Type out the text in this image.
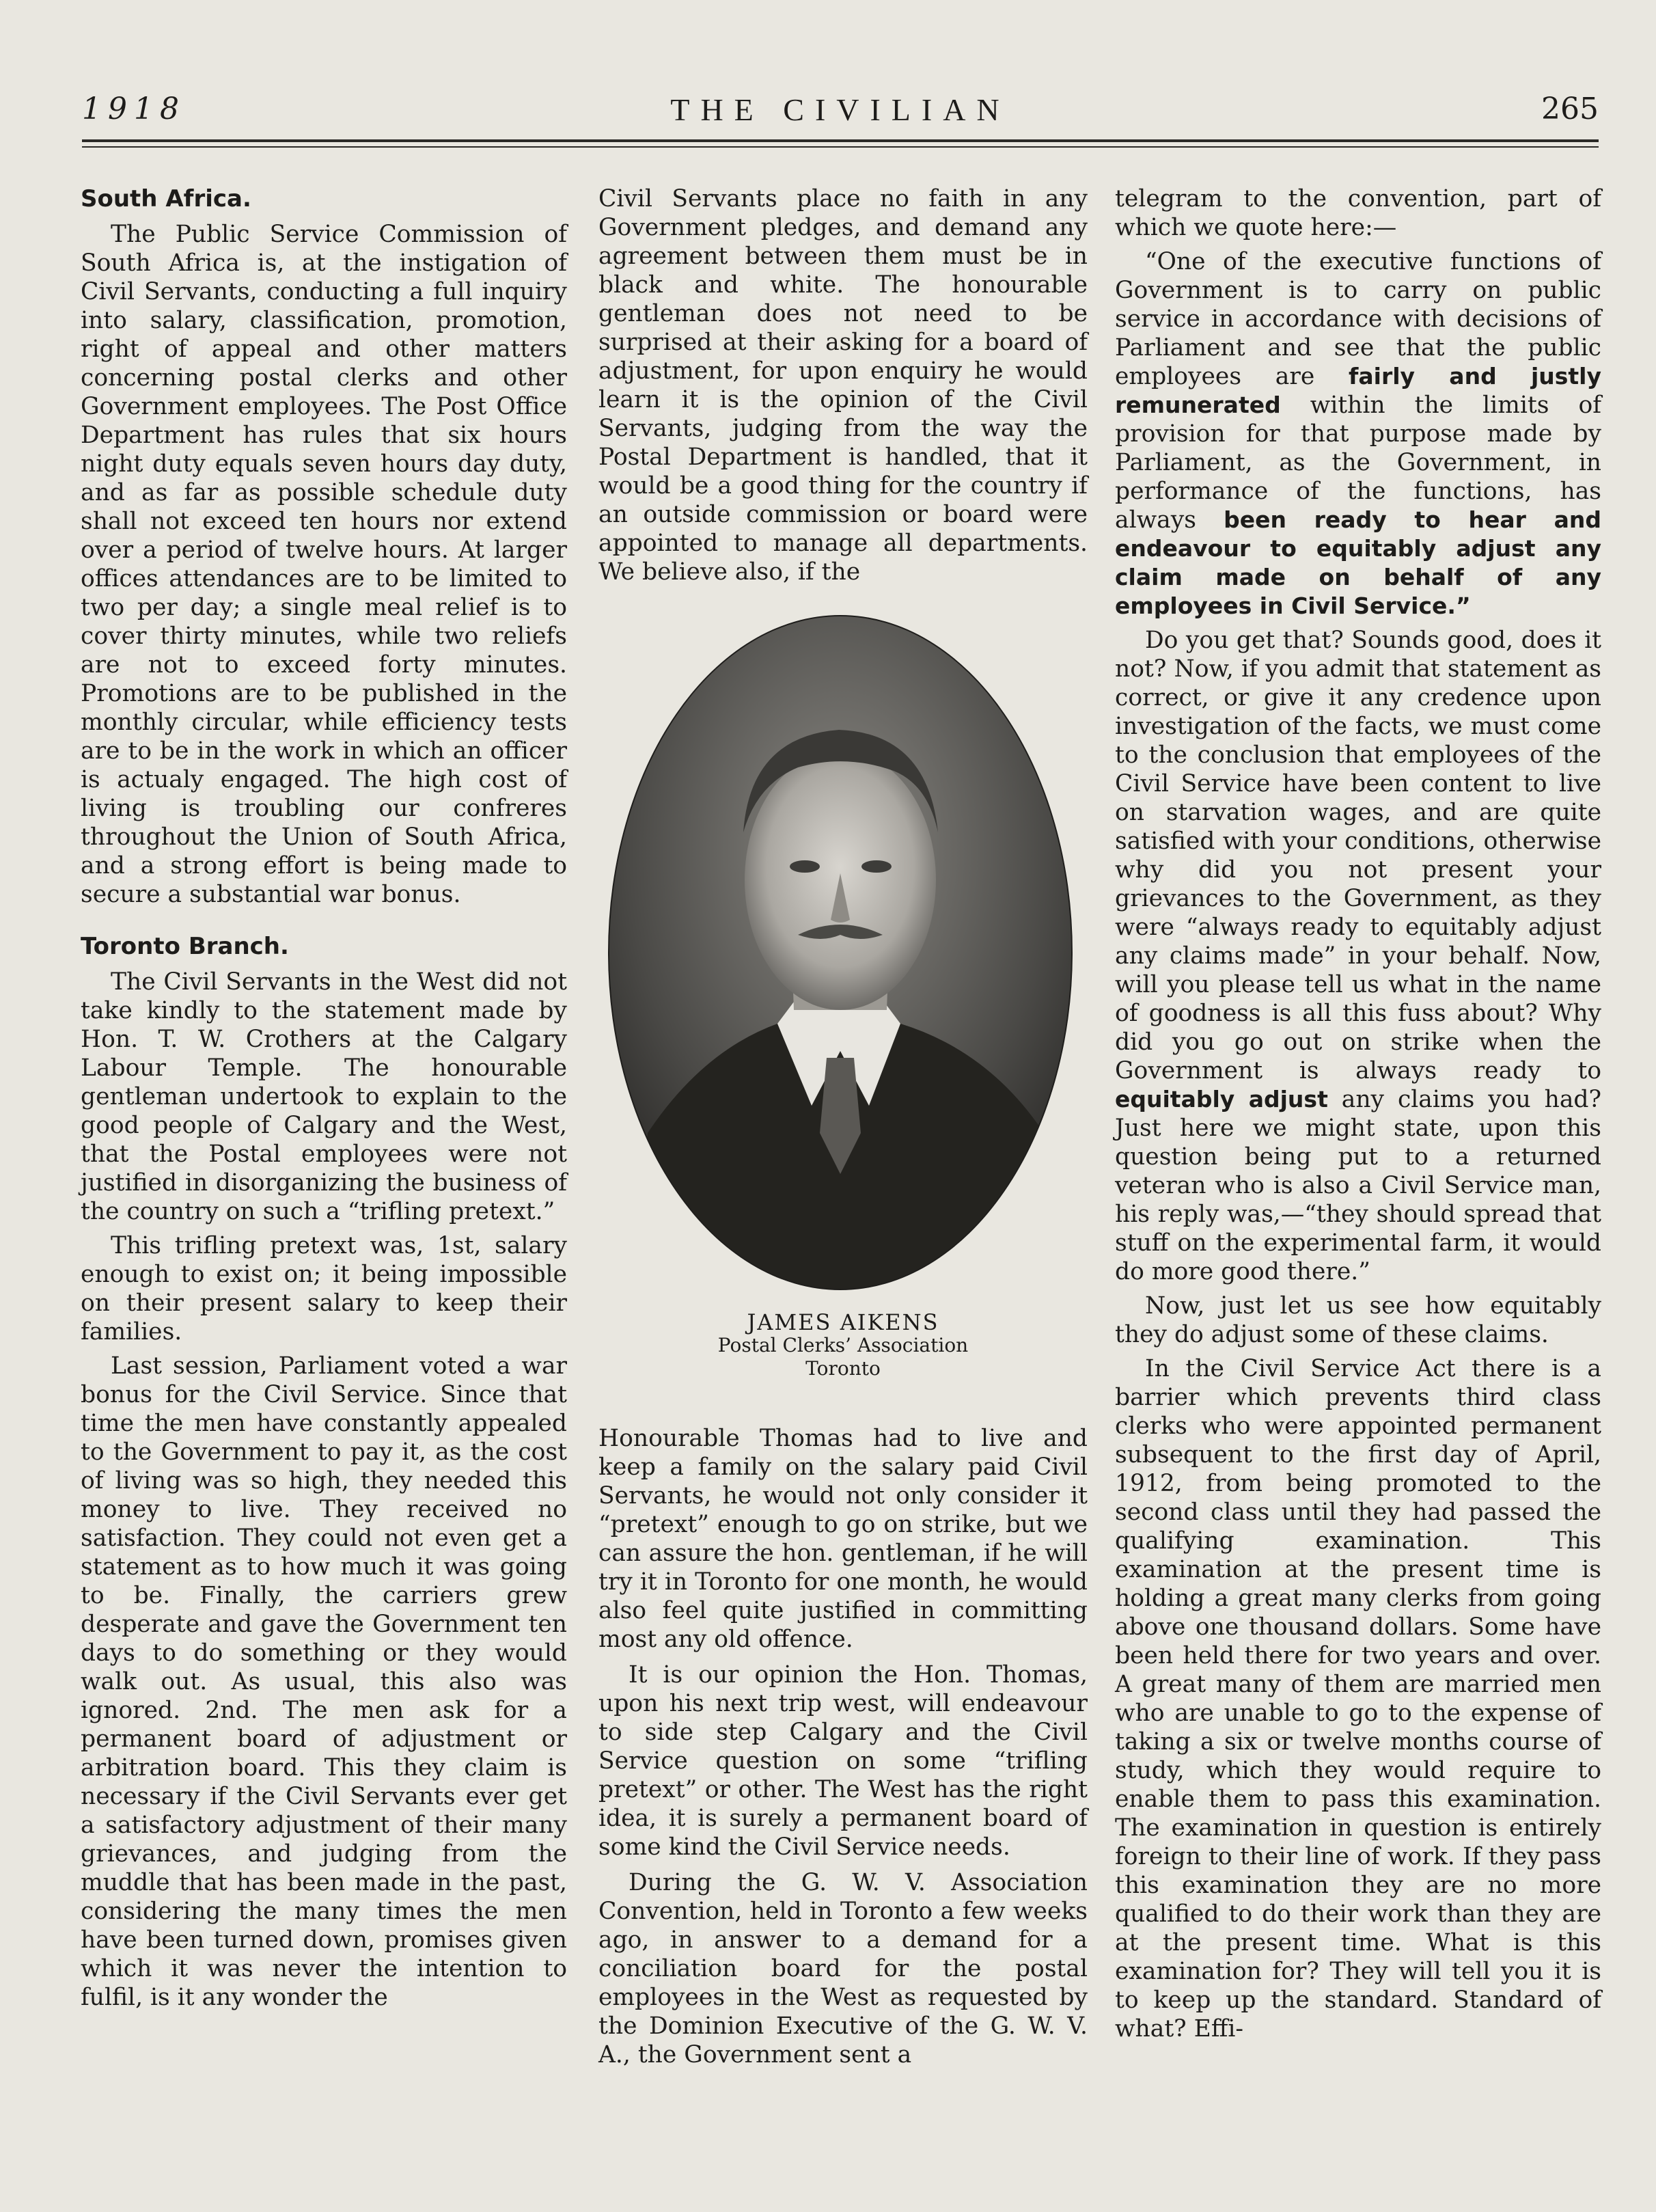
1918	THE CIVILIAN	265
South Africa.

The Public Service Commission of South Africa is, at the instigation of Civil Servants, conducting a full inquiry into salary, classification, promotion, right of appeal and other matters concerning postal clerks and other Government employees. The Post Office Department has rules that six hours night duty equals seven hours day duty, and as far as possible schedule duty shall not exceed ten hours nor extend over a period of twelve hours. At larger offices attendances are to be limited to two per day; a single meal relief is to cover thirty minutes, while two reliefs are not to exceed forty minutes. Promotions are to be published in the monthly circular, while efficiency tests are to be in the work in which an officer is actualy engaged. The high cost of living is troubling our confreres throughout the Union of South Africa, and a strong effort is being made to secure a substantial war bonus.

Toronto Branch.

The Civil Servants in the West did not take kindly to the statement made by Hon. T. W. Crothers at the Calgary Labour Temple. The honourable gentleman undertook to explain to the good people of Calgary and the West, that the Postal employees were not justified in disorganizing the business of the country on such a “trifling pretext.”

This trifling pretext was, 1st, salary enough to exist on; it being impossible on their present salary to keep their families.

Last session, Parliament voted a war bonus for the Civil Service. Since that time the men have constantly appealed to the Government to pay it, as the cost of living was so high, they needed this money to live. They received no satisfaction. They could not even get a statement as to how much it was going to be. Finally, the carriers grew desperate and gave the Government ten days to do something or they would walk out. As usual, this also was ignored. 2nd. The men ask for a permanent board of adjustment or arbitration board. This they claim is necessary if the Civil Servants ever get a satisfactory adjustment of their many grievances, and judging from the muddle that has been made in the past, considering the many times the men have been turned down, promises given which it was never the intention to fulfil, is it any wonder the

Civil Servants place no faith in any Government pledges, and demand any agreement between them must be in black and white. The honourable gentleman does not need to be surprised at their asking for a board of adjustment, for upon enquiry he would learn it is the opinion of the Civil Servants, judging from the way the Postal Department is handled, that it would be a good thing for the country if an outside commission or board were appointed to manage all departments. We believe also, if the

JAMES AIKENS
Postal Clerks’ Association
Toronto

Honourable Thomas had to live and keep a family on the salary paid Civil Servants, he would not only consider it “pretext” enough to go on strike, but we can assure the hon. gentleman, if he will try it in Toronto for one month, he would also feel quite justified in committing most any old offence.

It is our opinion the Hon. Thomas, upon his next trip west, will endeavour to side step Calgary and the Civil Service question on some “trifling pretext” or other. The West has the right idea, it is surely a permanent board of some kind the Civil Service needs.

During the G. W. V. Association Convention, held in Toronto a few weeks ago, in answer to a demand for a conciliation board for the postal employees in the West as requested by the Dominion Executive of the G. W. V. A., the Government sent a

telegram to the convention, part of which we quote here:—

“One of the executive functions of Government is to carry on public service in accordance with decisions of Parliament and see that the public employees are fairly and justly remunerated within the limits of provision for that purpose made by Parliament, as the Government, in performance of the functions, has always been ready to hear and endeavour to equitably adjust any claim made on behalf of any employees in Civil Service.”

Do you get that? Sounds good, does it not? Now, if you admit that statement as correct, or give it any credence upon investigation of the facts, we must come to the conclusion that employees of the Civil Service have been content to live on starvation wages, and are quite satisfied with your conditions, otherwise why did you not present your grievances to the Government, as they were “always ready to equitably adjust any claims made” in your behalf. Now, will you please tell us what in the name of goodness is all this fuss about? Why did you go out on strike when the Government is always ready to equitably adjust any claims you had? Just here we might state, upon this question being put to a returned veteran who is also a Civil Service man, his reply was,—“they should spread that stuff on the experimental farm, it would do more good there.”

Now, just let us see how equitably they do adjust some of these claims.

In the Civil Service Act there is a barrier which prevents third class clerks who were appointed permanent subsequent to the first day of April, 1912, from being promoted to the second class until they had passed the qualifying examination. This examination at the present time is holding a great many clerks from going above one thousand dollars. Some have been held there for two years and over. A great many of them are married men who are unable to go to the expense of taking a six or twelve months course of study, which they would require to enable them to pass this examination. The examination in question is entirely foreign to their line of work. If they pass this examination they are no more qualified to do their work than they are at the present time. What is this examination for? They will tell you it is to keep up the standard. Standard of what? Effi-
